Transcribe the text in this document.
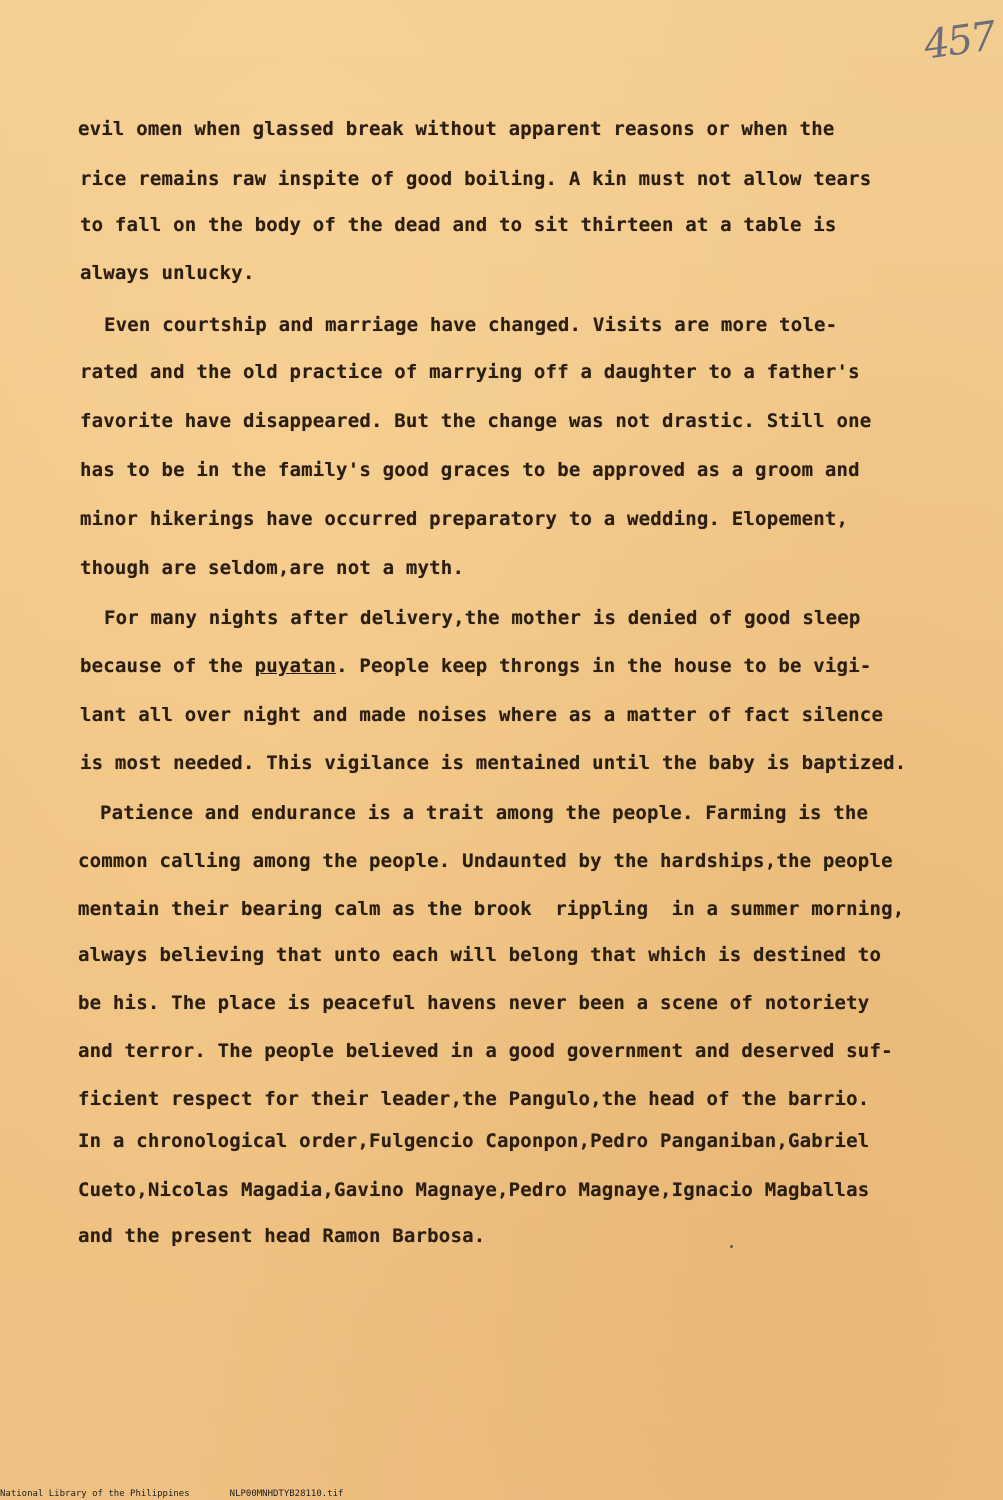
457
evil omen when glassed break without apparent reasons or when the
rice remains raw inspite of good boiling. A kin must not allow tears
to fall on the body of the dead and to sit thirteen at a table is
always unlucky.
Even courtship and marriage have changed. Visits are more tole-
rated and the old practice of marrying off a daughter to a father's
favorite have disappeared. But the change was not drastic. Still one
has to be in the family's good graces to be approved as a groom and
minor hikerings have occurred preparatory to a wedding. Elopement,
though are seldom,are not a myth.
For many nights after delivery,the mother is denied of good sleep
because of the puyatan. People keep throngs in the house to be vigi-
lant all over night and made noises where as a matter of fact silence
is most needed. This vigilance is mentained until the baby is baptized.
Patience and endurance is a trait among the people. Farming is the
common calling among the people. Undaunted by the hardships,the people
mentain their bearing calm as the brook  rippling  in a summer morning,
always believing that unto each will belong that which is destined to
be his. The place is peaceful havens never been a scene of notoriety
and terror. The people believed in a good government and deserved suf-
ficient respect for their leader,the Pangulo,the head of the barrio.
In a chronological order,Fulgencio Caponpon,Pedro Panganiban,Gabriel
Cueto,Nicolas Magadia,Gavino Magnaye,Pedro Magnaye,Ignacio Magballas
and the present head Ramon Barbosa.
National Library of the Philippines	NLP00MNHDTYB28110.tif
